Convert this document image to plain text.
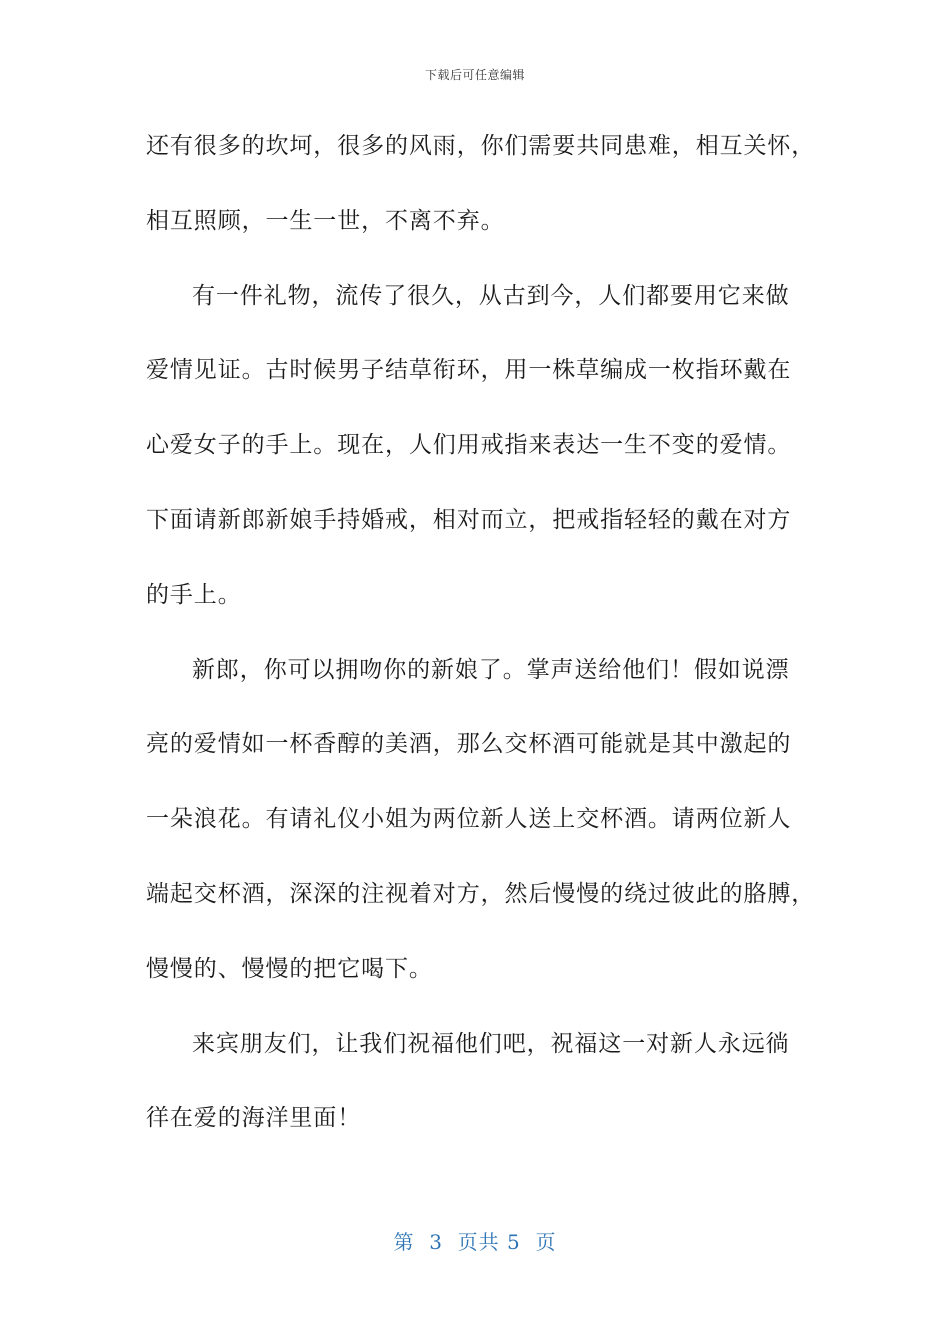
下载后可任意编辑
还有很多的坎坷，很多的风雨，你们需要共同患难，相互关怀，
相互照顾，一生一世，不离不弃。
有一件礼物，流传了很久，从古到今，人们都要用它来做
爱情见证。古时候男子结草衔环，用一株草编成一枚指环戴在
心爱女子的手上。现在，人们用戒指来表达一生不变的爱情。
下面请新郎新娘手持婚戒，相对而立，把戒指轻轻的戴在对方
的手上。
新郎，你可以拥吻你的新娘了。掌声送给他们！假如说漂
亮的爱情如一杯香醇的美酒，那么交杯酒可能就是其中激起的
一朵浪花。有请礼仪小姐为两位新人送上交杯酒。请两位新人
端起交杯酒，深深的注视着对方，然后慢慢的绕过彼此的胳膊，
慢慢的、慢慢的把它喝下。
来宾朋友们，让我们祝福他们吧，祝福这一对新人永远徜
徉在爱的海洋里面！
第  3  页共 5  页
